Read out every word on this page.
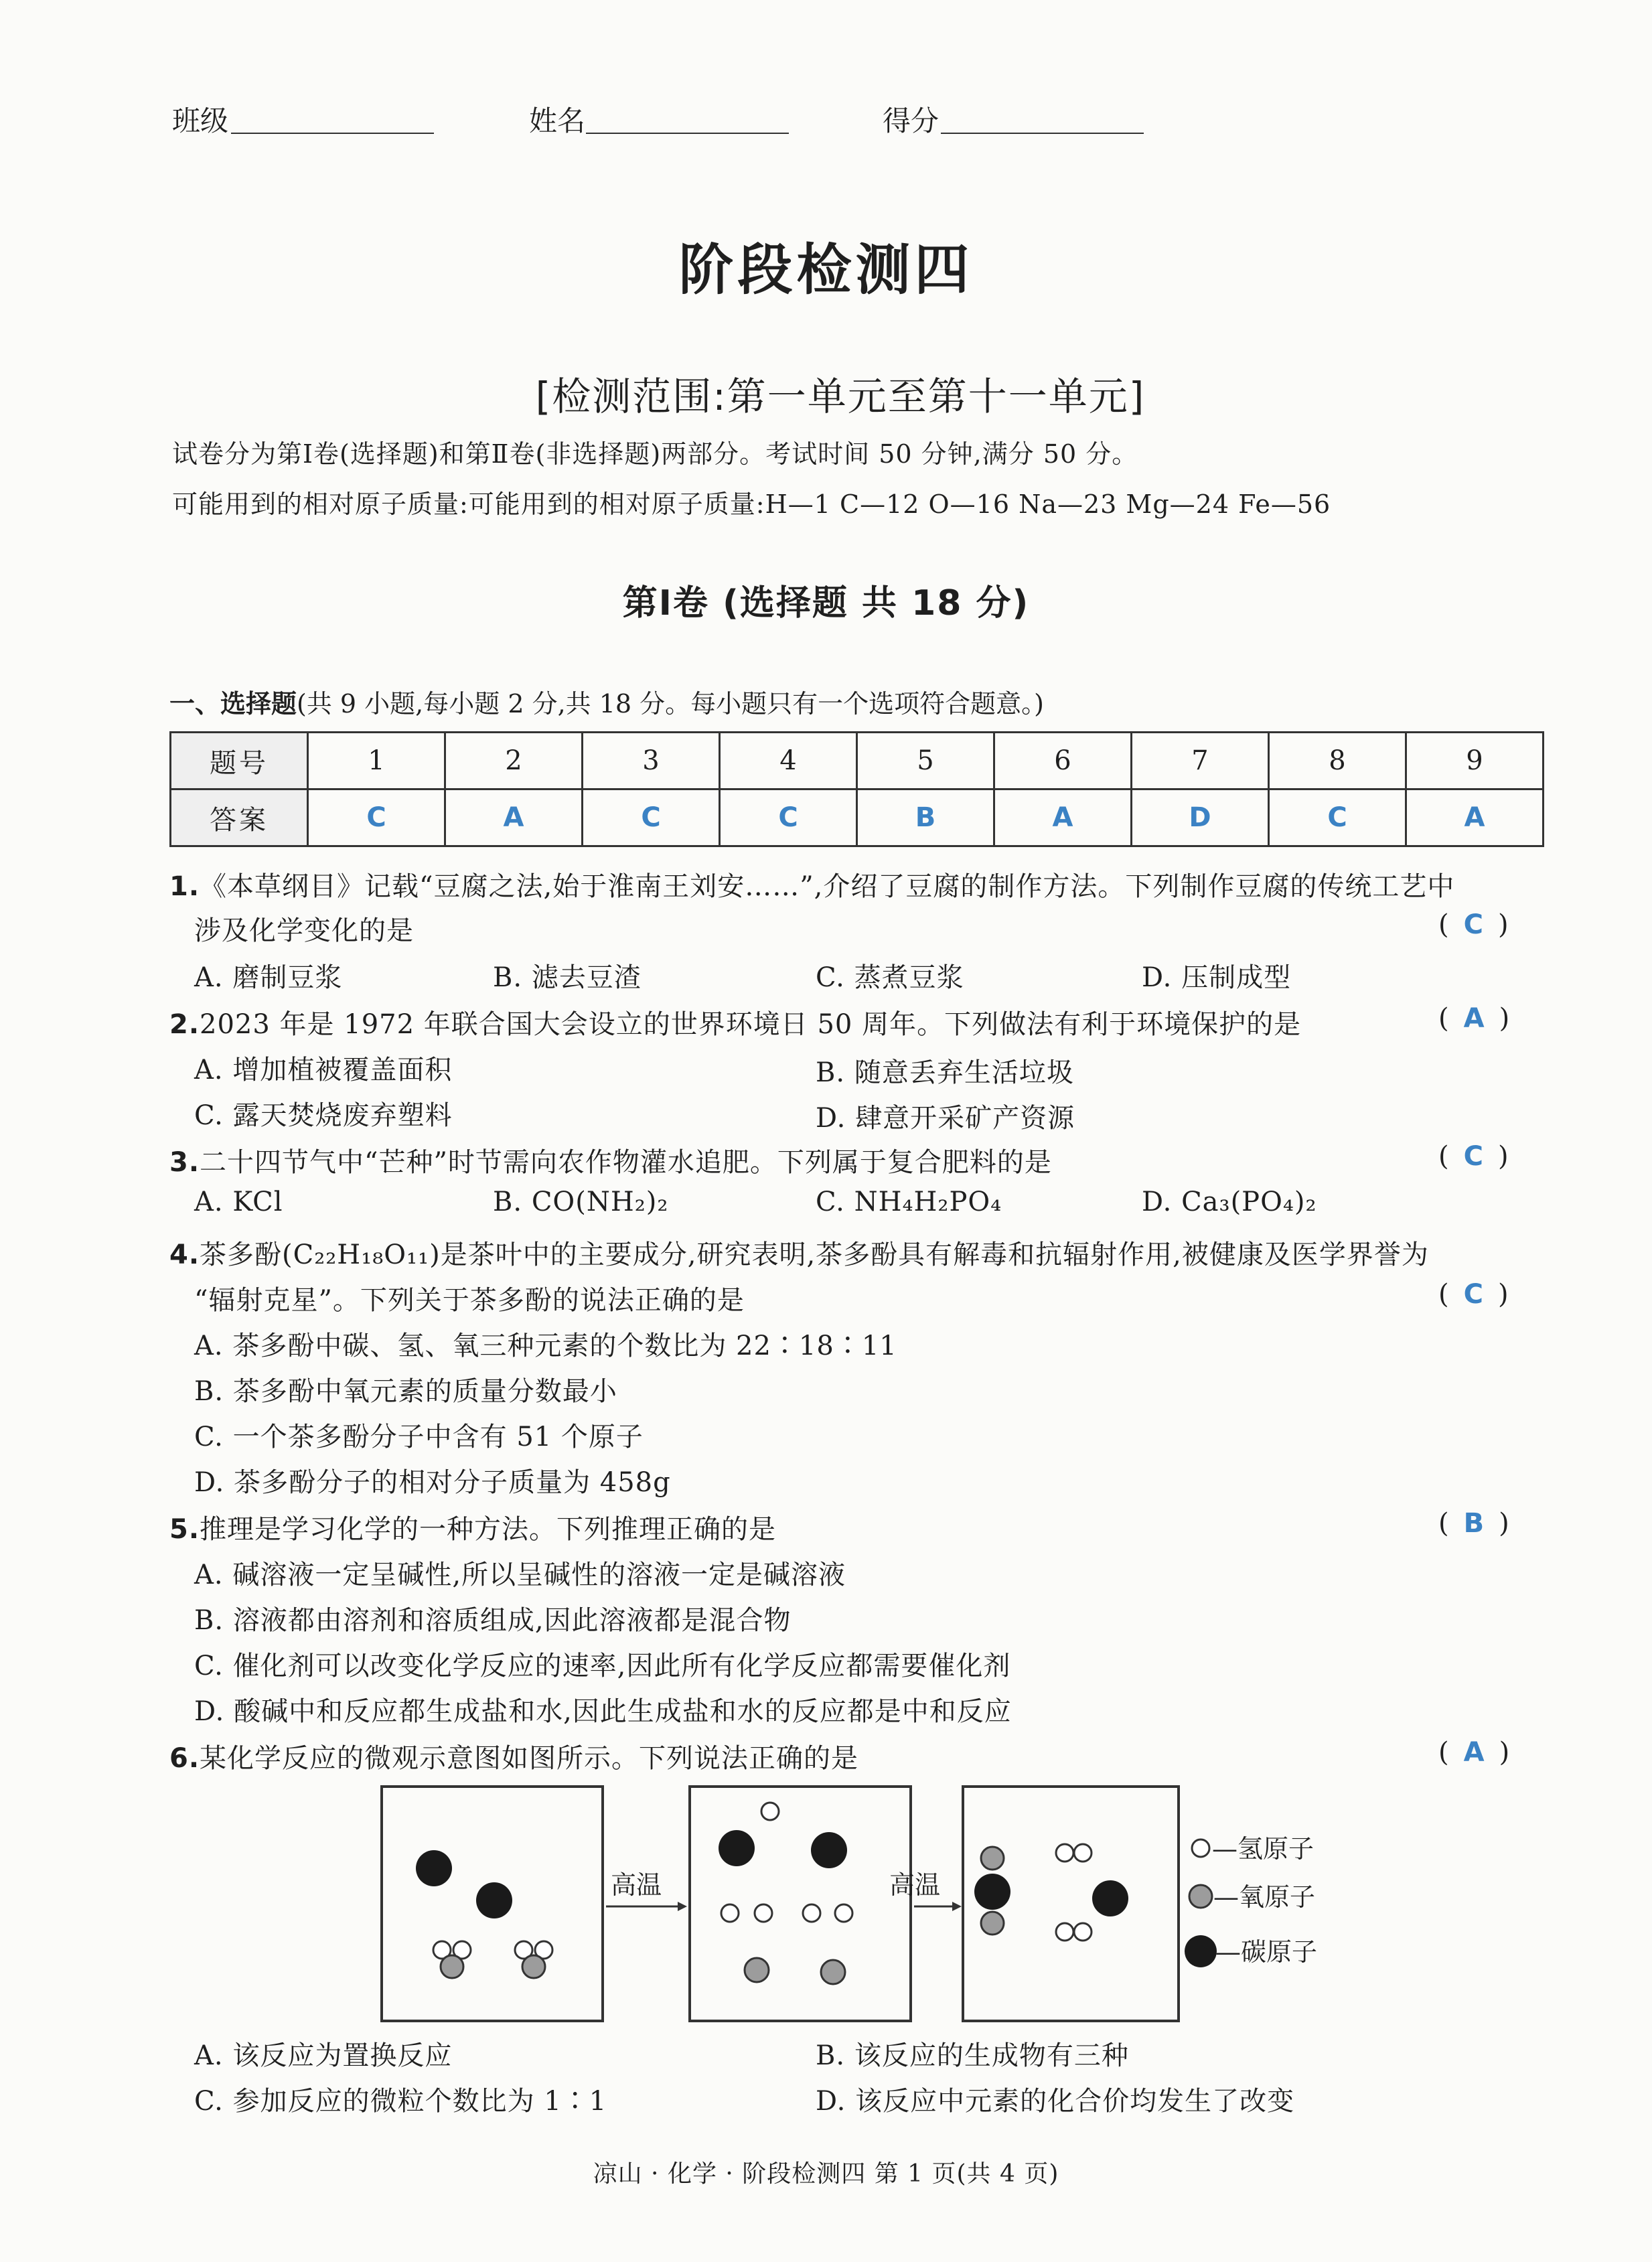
班级	姓名	得分
阶段检测四
[检测范围:第一单元至第十一单元]
试卷分为第Ⅰ卷(选择题)和第Ⅱ卷(非选择题)两部分。考试时间 50 分钟,满分 50 分。
可能用到的相对原子质量:可能用到的相对原子质量:H—1 C—12 O—16 Na—23 Mg—24 Fe—56
第Ⅰ卷 (选择题 共 18 分)
一、选择题(共 9 小题,每小题 2 分,共 18 分。每小题只有一个选项符合题意。)
题号	1	2	3	4	5	6	7	8	9
答案	C	A	C	C	B	A	D	C	A
1.《本草纲目》记载“豆腐之法,始于淮南王刘安……”,介绍了豆腐的制作方法。下列制作豆腐的传统工艺中
涉及化学变化的是	( C )
A. 磨制豆浆	B. 滤去豆渣	C. 蒸煮豆浆	D. 压制成型
2.2023 年是 1972 年联合国大会设立的世界环境日 50 周年。下列做法有利于环境保护的是	( A )
A. 增加植被覆盖面积	B. 随意丢弃生活垃圾
C. 露天焚烧废弃塑料	D. 肆意开采矿产资源
3.二十四节气中“芒种”时节需向农作物灌水追肥。下列属于复合肥料的是	( C )
A. KCl	B. CO(NH₂)₂	C. NH₄H₂PO₄	D. Ca₃(PO₄)₂
4.茶多酚(C₂₂H₁₈O₁₁)是茶叶中的主要成分,研究表明,茶多酚具有解毒和抗辐射作用,被健康及医学界誉为
“辐射克星”。下列关于茶多酚的说法正确的是	( C )
A. 茶多酚中碳、氢、氧三种元素的个数比为 22∶18∶11
B. 茶多酚中氧元素的质量分数最小
C. 一个茶多酚分子中含有 51 个原子
D. 茶多酚分子的相对分子质量为 458g
5.推理是学习化学的一种方法。下列推理正确的是	( B )
A. 碱溶液一定呈碱性,所以呈碱性的溶液一定是碱溶液
B. 溶液都由溶剂和溶质组成,因此溶液都是混合物
C. 催化剂可以改变化学反应的速率,因此所有化学反应都需要催化剂
D. 酸碱中和反应都生成盐和水,因此生成盐和水的反应都是中和反应
6.某化学反应的微观示意图如图所示。下列说法正确的是	( A )
高温	高温
—氢原子
—氧原子
—碳原子
A. 该反应为置换反应	B. 该反应的生成物有三种
C. 参加反应的微粒个数比为 1∶1	D. 该反应中元素的化合价均发生了改变
凉山 · 化学 · 阶段检测四 第 1 页(共 4 页)
